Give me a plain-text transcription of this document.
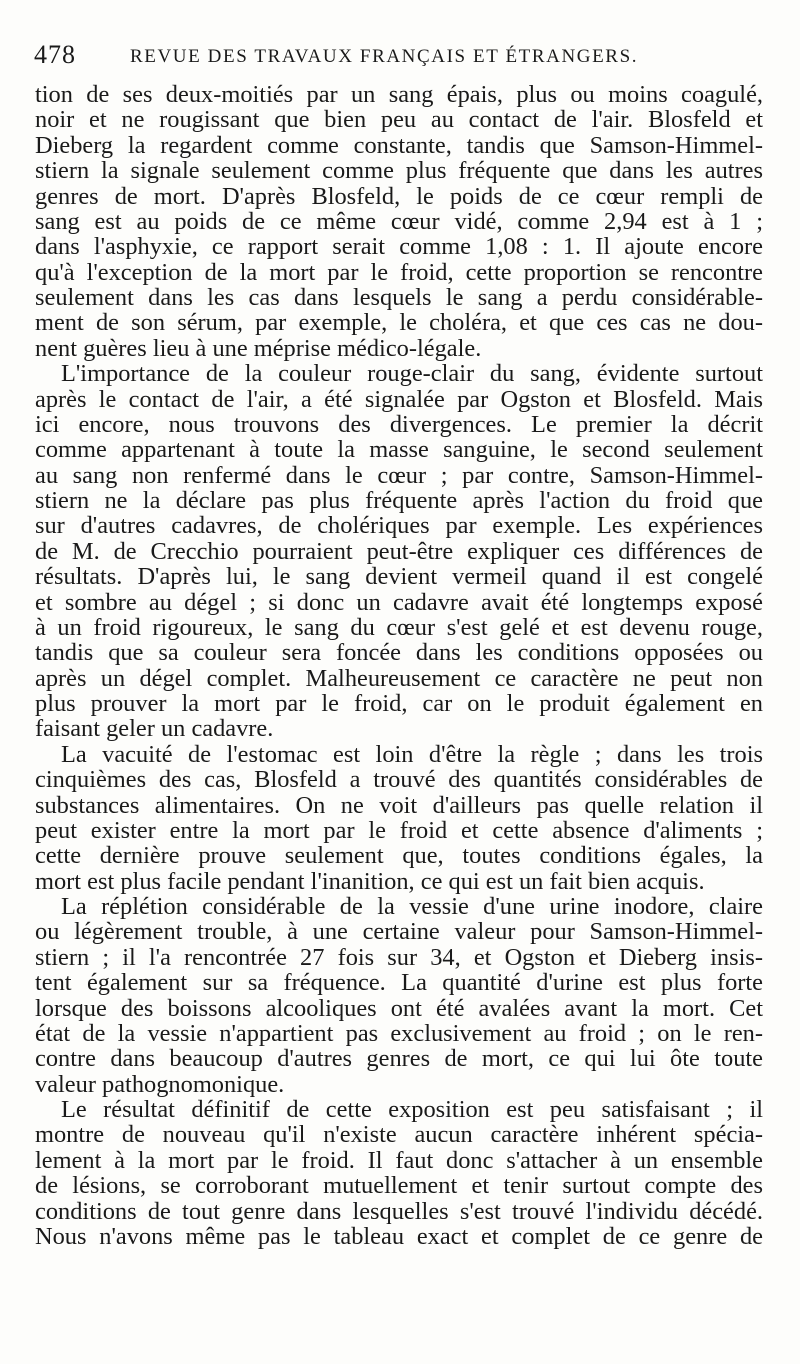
478	REVUE DES TRAVAUX FRANÇAIS ET ÉTRANGERS.
tion de ses deux-moitiés par un sang épais, plus ou moins coagulé,
noir et ne rougissant que bien peu au contact de l'air. Blosfeld et
Dieberg la regardent comme constante, tandis que Samson-Himmel-
stiern la signale seulement comme plus fréquente que dans les autres
genres de mort. D'après Blosfeld, le poids de ce cœur rempli de
sang est au poids de ce même cœur vidé, comme 2,94 est à 1 ;
dans l'asphyxie, ce rapport serait comme 1,08 : 1. Il ajoute encore
qu'à l'exception de la mort par le froid, cette proportion se rencontre
seulement dans les cas dans lesquels le sang a perdu considérable-
ment de son sérum, par exemple, le choléra, et que ces cas ne dou-
nent guères lieu à une méprise médico-légale.
L'importance de la couleur rouge-clair du sang, évidente surtout
après le contact de l'air, a été signalée par Ogston et Blosfeld. Mais
ici encore, nous trouvons des divergences. Le premier la décrit
comme appartenant à toute la masse sanguine, le second seulement
au sang non renfermé dans le cœur ; par contre, Samson-Himmel-
stiern ne la déclare pas plus fréquente après l'action du froid que
sur d'autres cadavres, de cholériques par exemple. Les expériences
de M. de Crecchio pourraient peut-être expliquer ces différences de
résultats. D'après lui, le sang devient vermeil quand il est congelé
et sombre au dégel ; si donc un cadavre avait été longtemps exposé
à un froid rigoureux, le sang du cœur s'est gelé et est devenu rouge,
tandis que sa couleur sera foncée dans les conditions opposées ou
après un dégel complet. Malheureusement ce caractère ne peut non
plus prouver la mort par le froid, car on le produit également en
faisant geler un cadavre.
La vacuité de l'estomac est loin d'être la règle ; dans les trois
cinquièmes des cas, Blosfeld a trouvé des quantités considérables de
substances alimentaires. On ne voit d'ailleurs pas quelle relation il
peut exister entre la mort par le froid et cette absence d'aliments ;
cette dernière prouve seulement que, toutes conditions égales, la
mort est plus facile pendant l'inanition, ce qui est un fait bien acquis.
La réplétion considérable de la vessie d'une urine inodore, claire
ou légèrement trouble, à une certaine valeur pour Samson-Himmel-
stiern ; il l'a rencontrée 27 fois sur 34, et Ogston et Dieberg insis-
tent également sur sa fréquence. La quantité d'urine est plus forte
lorsque des boissons alcooliques ont été avalées avant la mort. Cet
état de la vessie n'appartient pas exclusivement au froid ; on le ren-
contre dans beaucoup d'autres genres de mort, ce qui lui ôte toute
valeur pathognomonique.
Le résultat définitif de cette exposition est peu satisfaisant ; il
montre de nouveau qu'il n'existe aucun caractère inhérent spécia-
lement à la mort par le froid. Il faut donc s'attacher à un ensemble
de lésions, se corroborant mutuellement et tenir surtout compte des
conditions de tout genre dans lesquelles s'est trouvé l'individu décédé.
Nous n'avons même pas le tableau exact et complet de ce genre de
